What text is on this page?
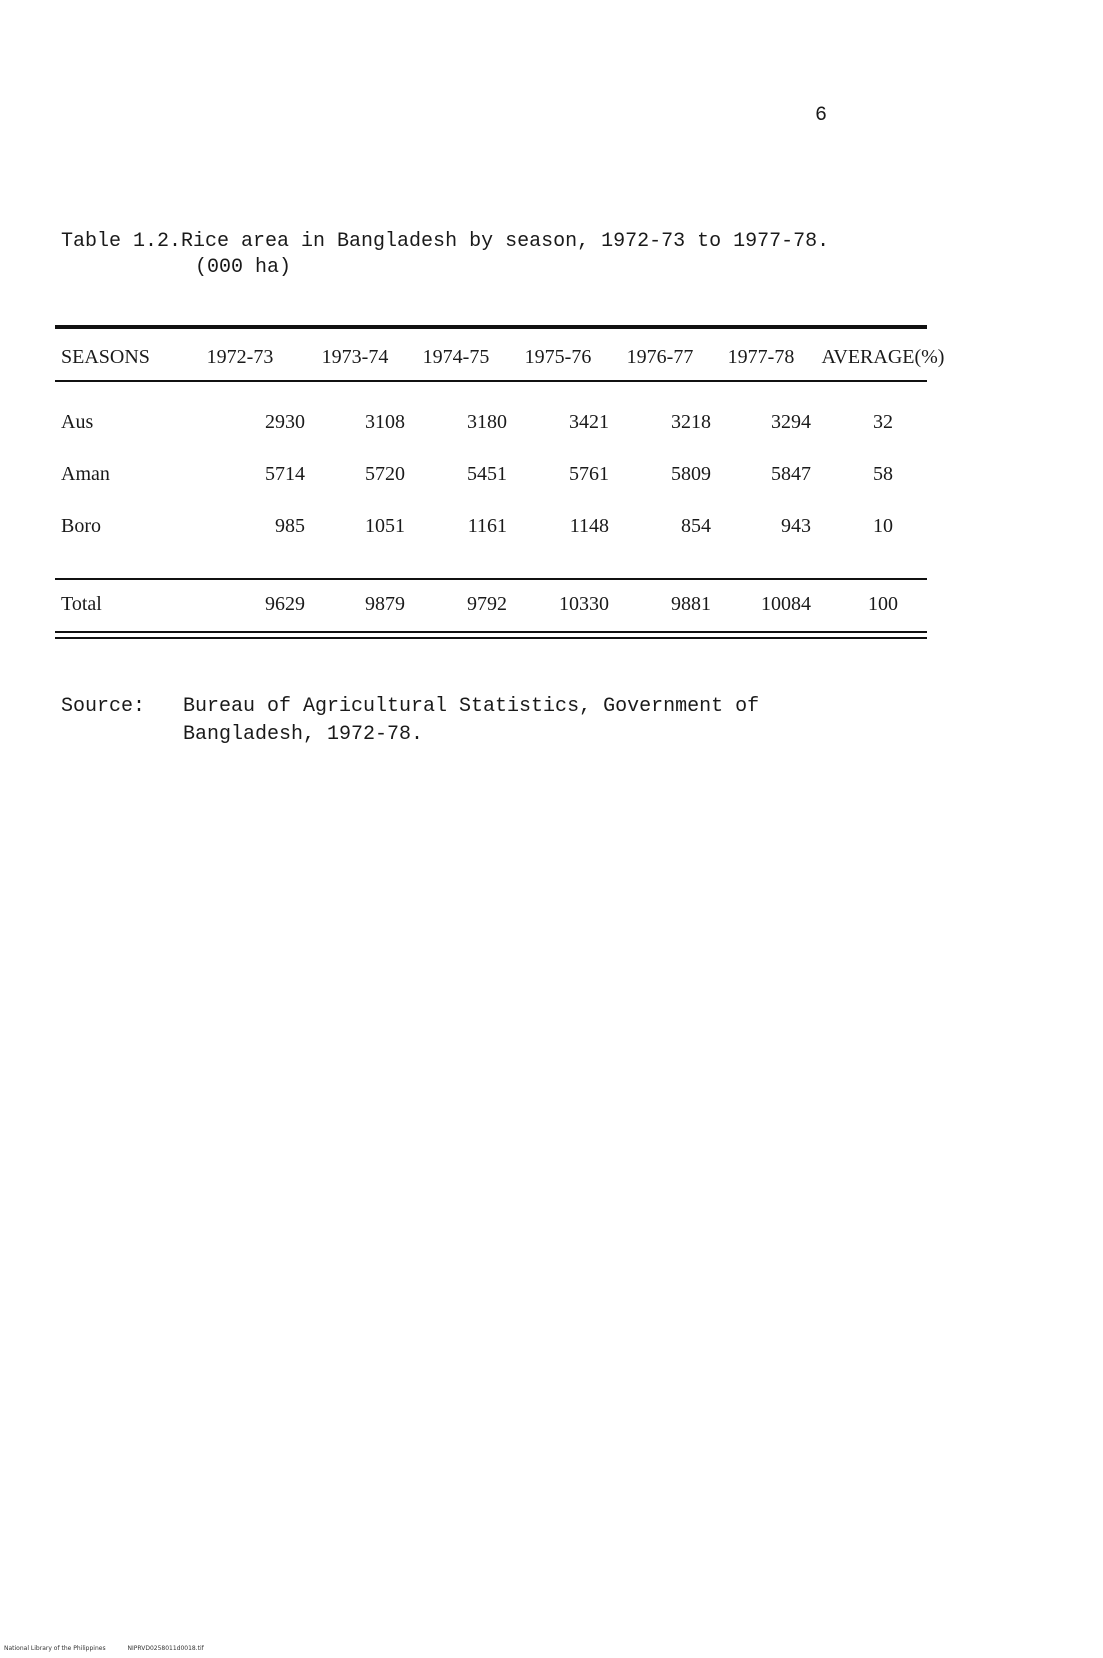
6
Table 1.2.Rice area in Bangladesh by season, 1972-73 to 1977-78.
(000 ha)
SEASONS	1972-73	1973-74	1974-75	1975-76	1976-77	1977-78	AVERAGE(%)

Aus	2930	3108	3180	3421	3218	3294	32
Aman	5714	5720	5451	5761	5809	5847	58
Boro	985	1051	1161	1148	854	943	10

Total	9629	9879	9792	10330	9881	10084	100
Source: Bureau of Agricultural Statistics, Government of Bangladesh, 1972-78.
National Library of the Philippines	NIPRVD0258011d0018.tif
